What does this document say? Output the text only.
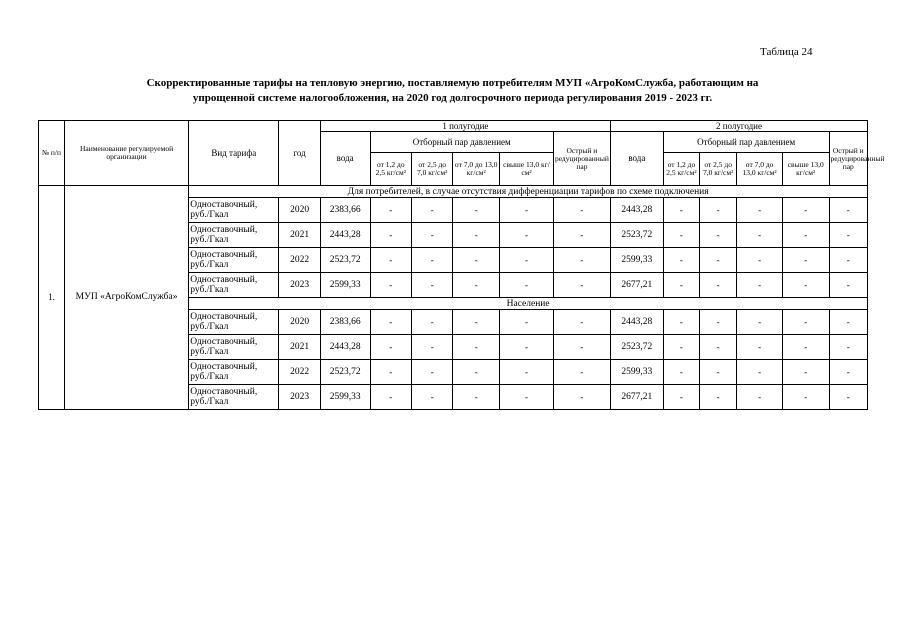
Таблица 24
Скорректированные тарифы на тепловую энергию, поставляемую потребителям МУП «АгроКомСлужба, работающим на
упрощенной системе налогообложения, на 2020 год долгосрочного периода регулирования 2019 - 2023 гг.
№ п/п	Наименование регулируемой организации	Вид тарифа	год	1 полугодие						2 полугодие					
				вода	Отборный пар давлением				Острый и редуцированный пар	вода	Отборный пар давлением				Острый и редуцированный пар
					от 1,2 до 2,5 кг/см²	от 2,5 до 7,0 кг/см²	от 7,0 до 13,0 кг/см²	свыше 13,0 кг/см²			от 1,2 до 2,5 кг/см²	от 2,5 до 7,0 кг/см²	от 7,0 до 13,0 кг/см²	свыше 13,0 кг/см²	
1.	МУП «АгроКомСлужба»	Для потребителей, в случае отсутствия дифференциации тарифов по схеме подключения													
		Одноставочный, руб./Гкал	2020	2383,66	-	-	-	-	-	2443,28	-	-	-	-	-
		Одноставочный, руб./Гкал	2021	2443,28	-	-	-	-	-	2523,72	-	-	-	-	-
		Одноставочный, руб./Гкал	2022	2523,72	-	-	-	-	-	2599,33	-	-	-	-	-
		Одноставочный, руб./Гкал	2023	2599,33	-	-	-	-	-	2677,21	-	-	-	-	-
		Население													
		Одноставочный, руб./Гкал	2020	2383,66	-	-	-	-	-	2443,28	-	-	-	-	-
		Одноставочный, руб./Гкал	2021	2443,28	-	-	-	-	-	2523,72	-	-	-	-	-
		Одноставочный, руб./Гкал	2022	2523,72	-	-	-	-	-	2599,33	-	-	-	-	-
		Одноставочный, руб./Гкал	2023	2599,33	-	-	-	-	-	2677,21	-	-	-	-	-
